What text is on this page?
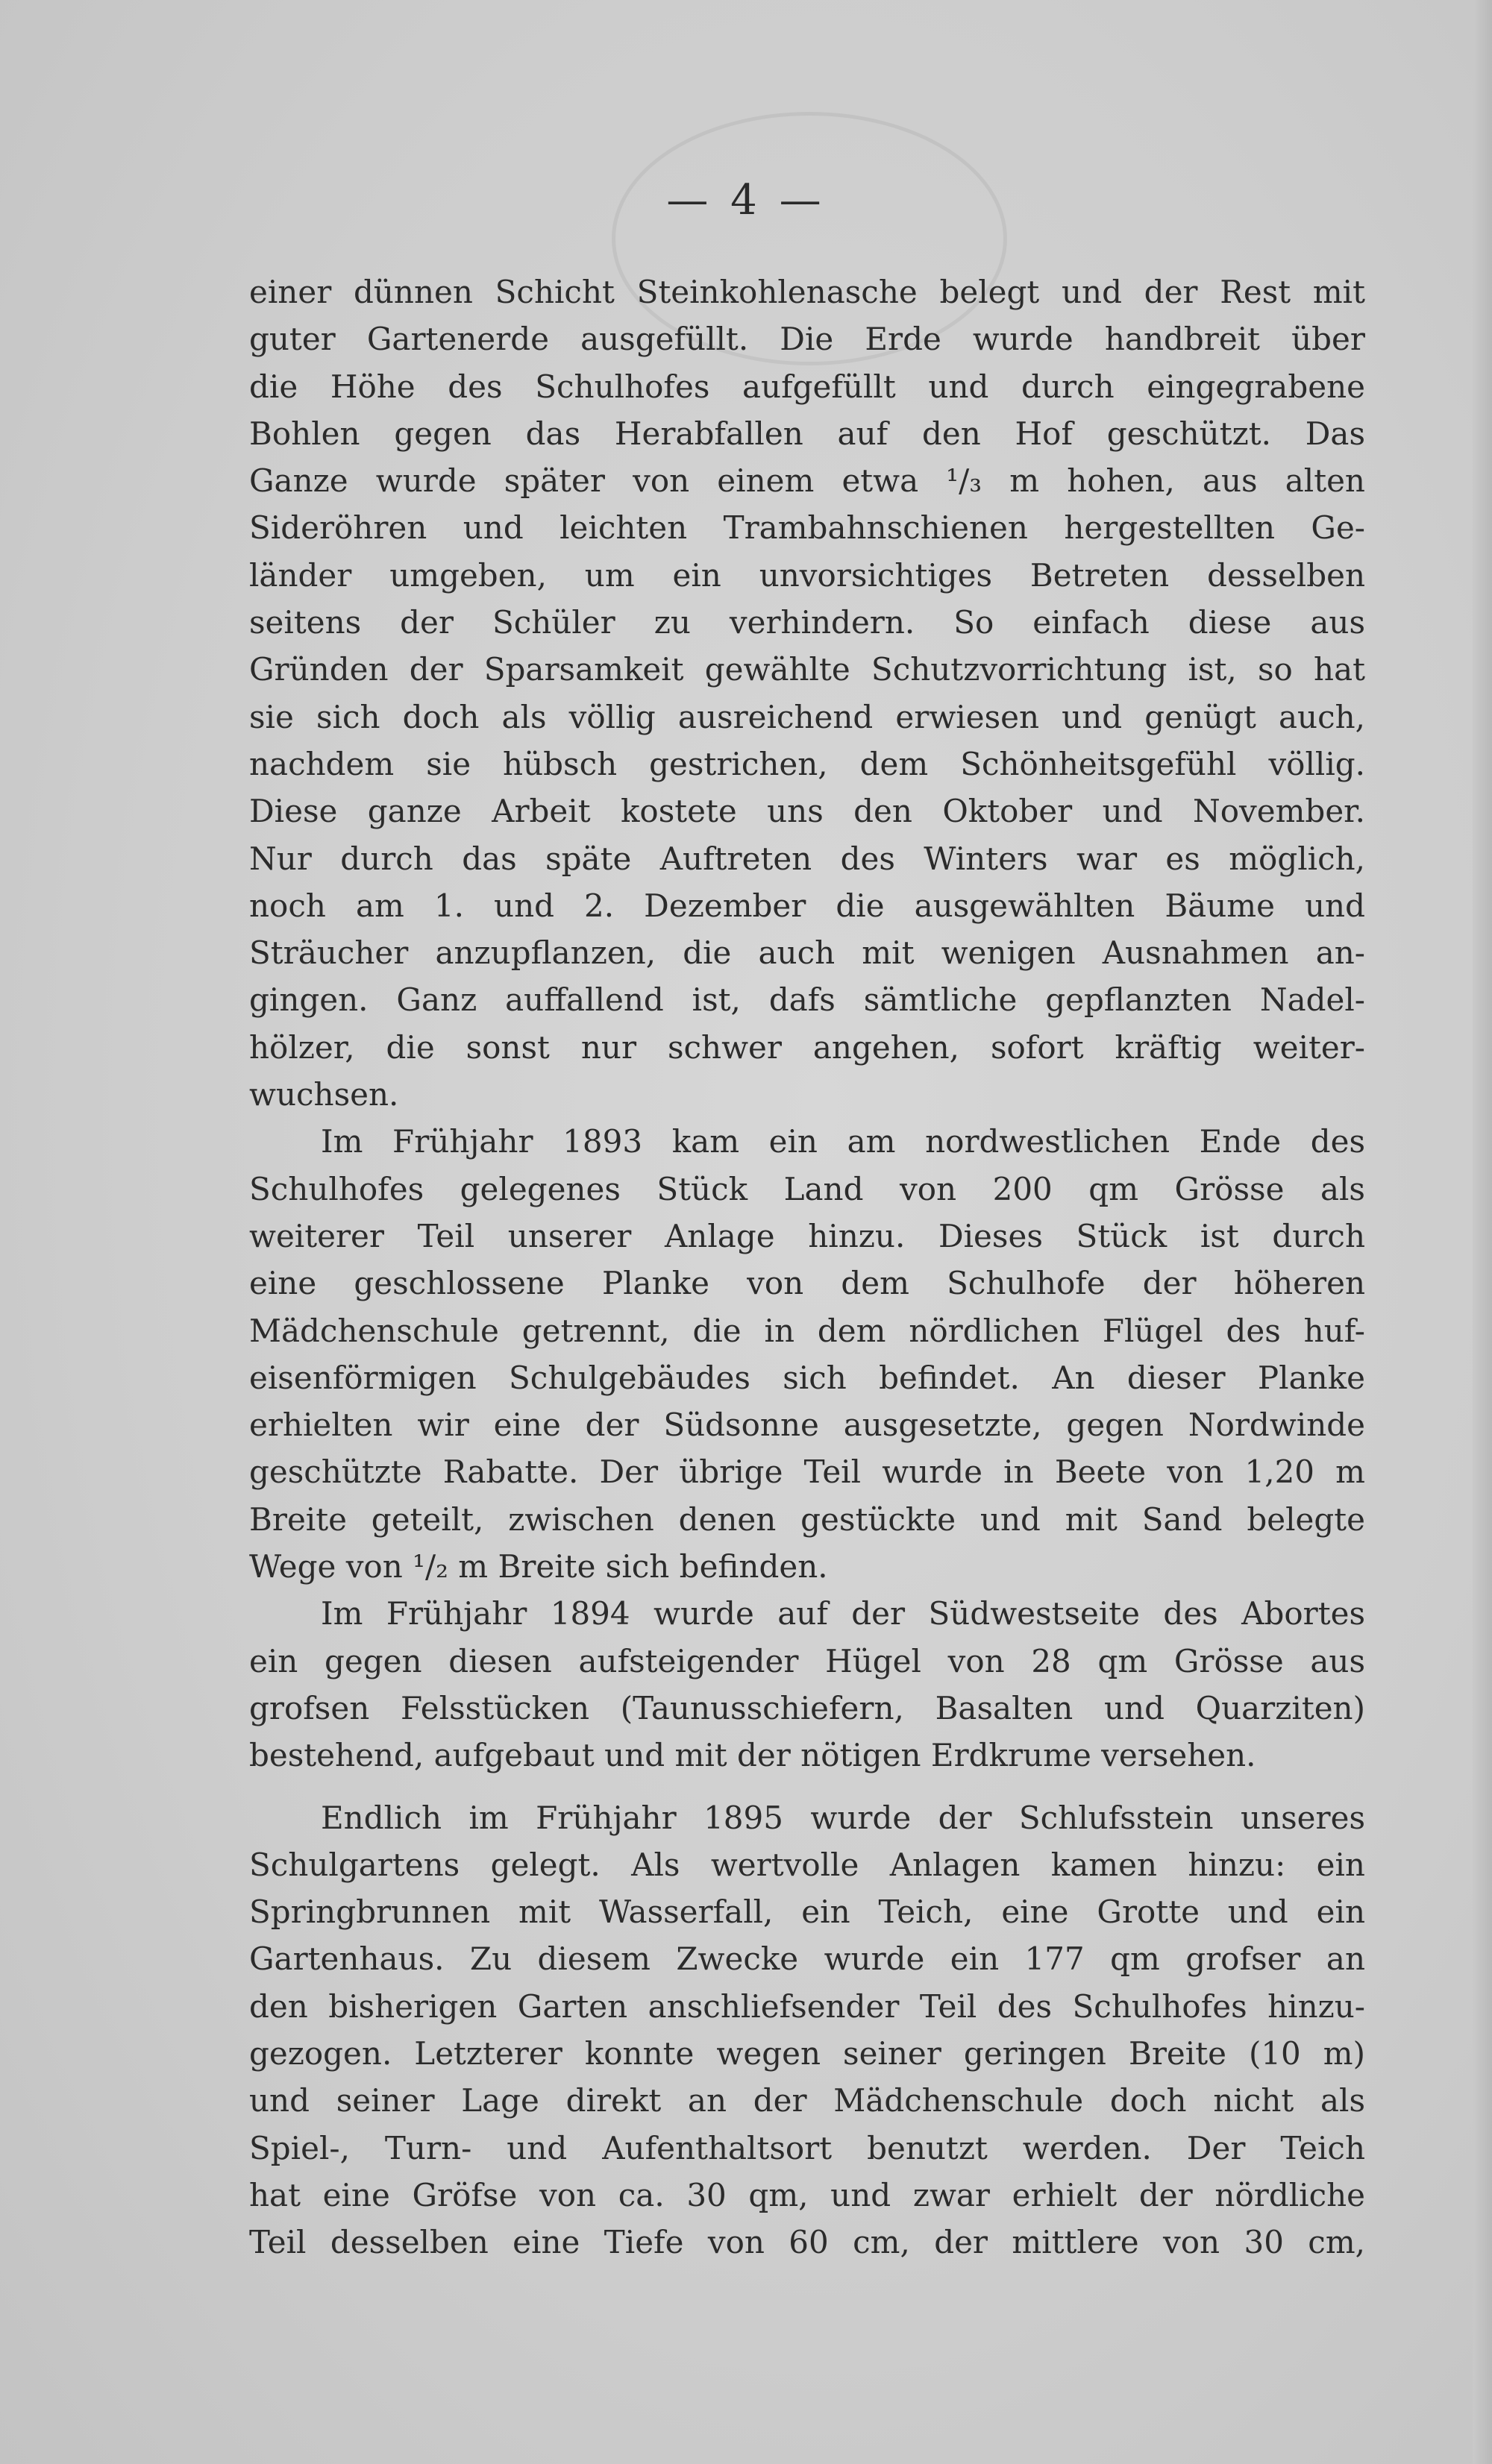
— 4 —
einer dünnen Schicht Steinkohlenasche belegt und der Rest mit
guter Gartenerde ausgefüllt. Die Erde wurde handbreit über
die Höhe des Schulhofes aufgefüllt und durch eingegrabene
Bohlen gegen das Herabfallen auf den Hof geschützt. Das
Ganze wurde später von einem etwa ¹/₃ m hohen, aus alten
Sideröhren und leichten Trambahnschienen hergestellten Ge-
länder umgeben, um ein unvorsichtiges Betreten desselben
seitens der Schüler zu verhindern. So einfach diese aus
Gründen der Sparsamkeit gewählte Schutzvorrichtung ist, so hat
sie sich doch als völlig ausreichend erwiesen und genügt auch,
nachdem sie hübsch gestrichen, dem Schönheitsgefühl völlig.
Diese ganze Arbeit kostete uns den Oktober und November.
Nur durch das späte Auftreten des Winters war es möglich,
noch am 1. und 2. Dezember die ausgewählten Bäume und
Sträucher anzupflanzen, die auch mit wenigen Ausnahmen an-
gingen. Ganz auffallend ist, dafs sämtliche gepflanzten Nadel-
hölzer, die sonst nur schwer angehen, sofort kräftig weiter-
wuchsen.
Im Frühjahr 1893 kam ein am nordwestlichen Ende des
Schulhofes gelegenes Stück Land von 200 qm Grösse als
weiterer Teil unserer Anlage hinzu. Dieses Stück ist durch
eine geschlossene Planke von dem Schulhofe der höheren
Mädchenschule getrennt, die in dem nördlichen Flügel des huf-
eisenförmigen Schulgebäudes sich befindet. An dieser Planke
erhielten wir eine der Südsonne ausgesetzte, gegen Nordwinde
geschützte Rabatte. Der übrige Teil wurde in Beete von 1,20 m
Breite geteilt, zwischen denen gestückte und mit Sand belegte
Wege von ¹/₂ m Breite sich befinden.
Im Frühjahr 1894 wurde auf der Südwestseite des Abortes
ein gegen diesen aufsteigender Hügel von 28 qm Grösse aus
grofsen Felsstücken (Taunusschiefern, Basalten und Quarziten)
bestehend, aufgebaut und mit der nötigen Erdkrume versehen.
Endlich im Frühjahr 1895 wurde der Schlufsstein unseres
Schulgartens gelegt. Als wertvolle Anlagen kamen hinzu: ein
Springbrunnen mit Wasserfall, ein Teich, eine Grotte und ein
Gartenhaus. Zu diesem Zwecke wurde ein 177 qm grofser an
den bisherigen Garten anschliefsender Teil des Schulhofes hinzu-
gezogen. Letzterer konnte wegen seiner geringen Breite (10 m)
und seiner Lage direkt an der Mädchenschule doch nicht als
Spiel-, Turn- und Aufenthaltsort benutzt werden. Der Teich
hat eine Gröfse von ca. 30 qm, und zwar erhielt der nördliche
Teil desselben eine Tiefe von 60 cm, der mittlere von 30 cm,
